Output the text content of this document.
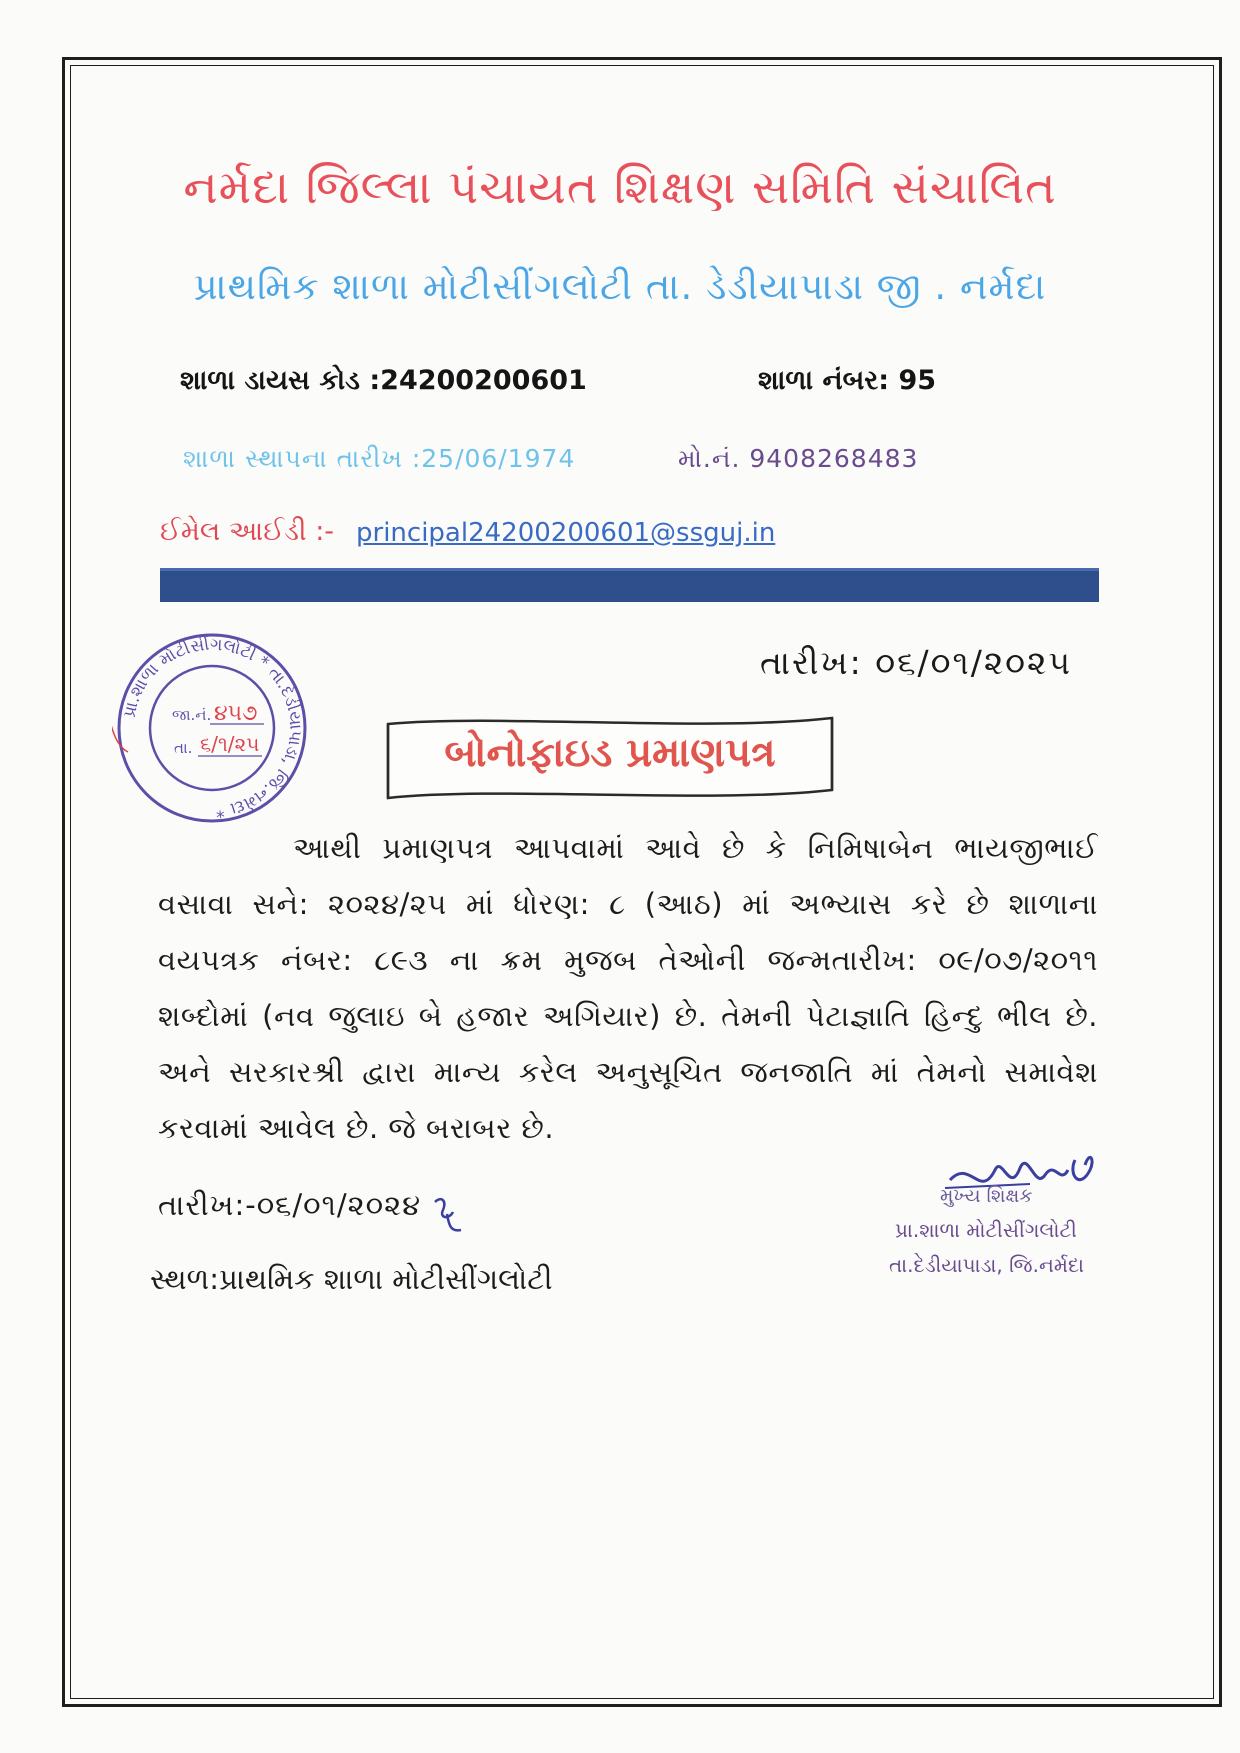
નર્મદા જિલ્લા પંચાયત શિક્ષણ સમિતિ સંચાલિત
પ્રાથમિક શાળા મોટીસીંગલોટી તા. ડેડીયાપાડા જી . નર્મદા
શાળા ડાયસ કોડ :24200200601	શાળા નંબર: 95
શાળા સ્થાપના તારીખ :25/06/1974	મો.નં. 9408268483
ઈમેલ આઈડી :- principal24200200601@ssguj.in
તારીખ: ૦૬/૦૧/૨૦૨૫
પ્રા.શાળા મોટીસીંગલોટી * તા.દેડીયાપાડા, જિ.નર્મદા *
જા.નં. ૪૫૭
તા. ૬/૧/૨૫	બોનોફાઇડ પ્રમાણપત્ર
આથી પ્રમાણપત્ર આપવામાં આવે છે કે નિમિષાબેન ભાયજીભાઈ
વસાવા સને: ૨૦૨૪/૨૫ માં ધોરણ: ૮ (આઠ) માં અભ્યાસ કરે છે શાળાના
વયપત્રક નંબર: ૮૯૩ ના ક્રમ મુજબ તેઓની જન્મતારીખ: ૦૯/૦૭/૨૦૧૧
શબ્દોમાં (નવ જુલાઇ બે હજાર અગિયાર) છે. તેમની પેટાજ્ઞાતિ હિન્દુ ભીલ છે.
અને સરકારશ્રી દ્વારા માન્ય કરેલ અનુસૂચિત જનજાતિ માં તેમનો સમાવેશ
કરવામાં આવેલ છે. જે બરાબર છે.
તારીખ:-૦૬/૦૧/૨૦૨૪
સ્થળ:પ્રાથમિક શાળા મોટીસીંગલોટી
મુખ્ય શિક્ષક
પ્રા.શાળા મોટીસીંગલોટી
તા.દેડીયાપાડા, જિ.નર્મદા
